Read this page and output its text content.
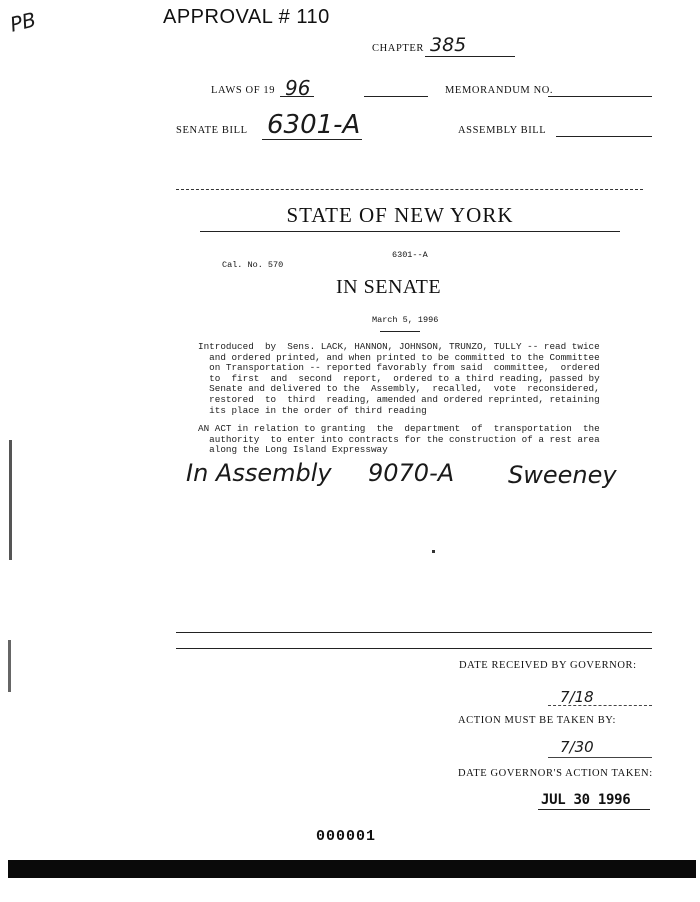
PB	APPROVAL # 110
CHAPTER 385
LAWS OF 19 96	MEMORANDUM NO.
SENATE BILL 6301-A	ASSEMBLY BILL
STATE OF NEW YORK
6301--A
Cal. No. 570
IN SENATE
March 5, 1996
Introduced  by  Sens. LACK, HANNON, JOHNSON, TRUNZO, TULLY -- read twice
and ordered printed, and when printed to be committed to the Committee
on Transportation -- reported favorably from said  committee,  ordered
to  first  and  second  report,  ordered to a third reading, passed by
Senate and delivered to the  Assembly,  recalled,  vote  reconsidered,
restored  to  third  reading, amended and ordered reprinted, retaining
its place in the order of third reading
AN ACT in relation to granting  the  department  of  transportation  the
authority  to enter into contracts for the construction of a rest area
along the Long Island Expressway
In Assembly 9070-A Sweeney
DATE RECEIVED BY GOVERNOR:
7/18
ACTION MUST BE TAKEN BY:
7/30
DATE GOVERNOR'S ACTION TAKEN:
JUL 30 1996
000001
